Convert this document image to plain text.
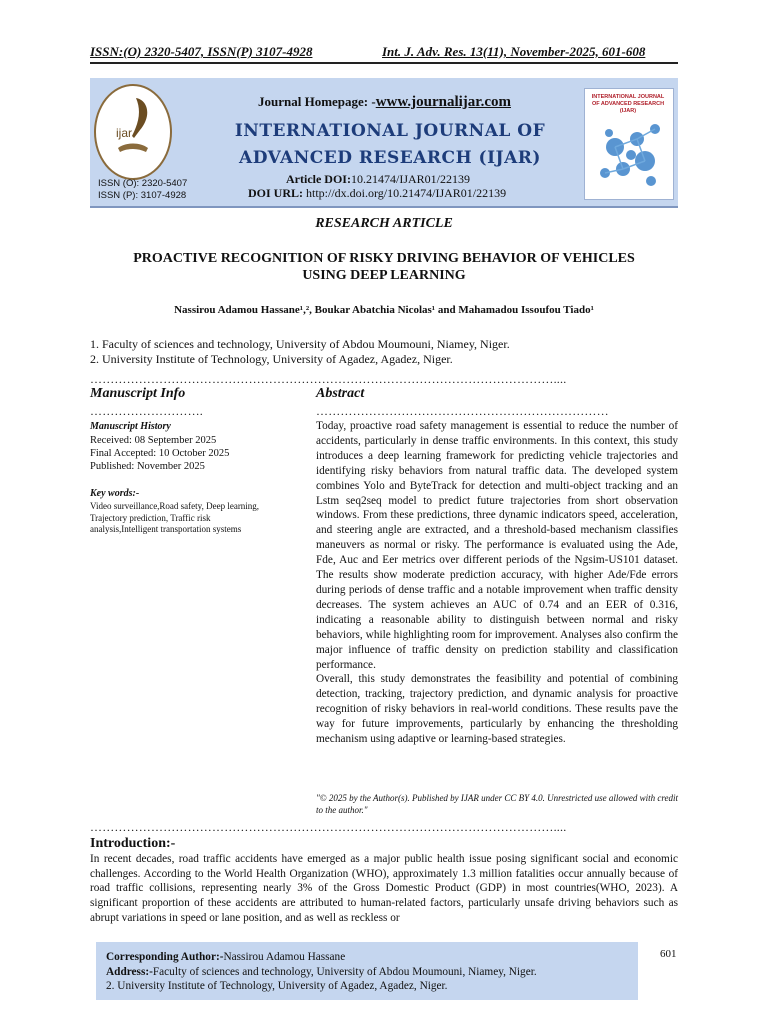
ISSN:(O) 2320-5407, ISSN(P) 3107-4928	Int. J. Adv. Res. 13(11), November-2025, 601-608
ijar
ISSN (O): 2320-5407
ISSN (P): 3107-4928
Journal Homepage: -www.journalijar.com
INTERNATIONAL JOURNAL OF
ADVANCED RESEARCH (IJAR)
Article DOI:10.21474/IJAR01/22139
DOI URL: http://dx.doi.org/10.21474/IJAR01/22139
INTERNATIONAL JOURNAL OF ADVANCED RESEARCH (IJAR)
RESEARCH ARTICLE
PROACTIVE RECOGNITION OF RISKY DRIVING BEHAVIOR OF VEHICLES
USING DEEP LEARNING
Nassirou Adamou Hassane¹,², Boukar Abatchia Nicolas¹ and Mahamadou Issoufou Tiado¹
1. Faculty of sciences and technology, University of Abdou Moumouni, Niamey, Niger.
2. University Institute of Technology, University of Agadez, Agadez, Niger.
……………………………………………………………………………………………………....
Manuscript Info
……………………….
Manuscript History
Received: 08 September 2025
Final Accepted: 10 October 2025
Published: November 2025
Key words:-
Video surveillance,Road safety, Deep learning, Trajectory prediction, Traffic risk analysis,Intelligent transportation systems
Abstract
………………………………………………………………

Today, proactive road safety management is essential to reduce the number of accidents, particularly in dense traffic environments. In this context, this study introduces a deep learning framework for predicting vehicle trajectories and identifying risky behaviors from natural traffic data. The developed system combines Yolo and ByteTrack for detection and multi-object tracking and an Lstm seq2seq model to predict future trajectories from short observation windows. From these predictions, three dynamic indicators speed, acceleration, and steering angle are extracted, and a threshold-based mechanism classifies maneuvers as normal or risky. The performance is evaluated using the Ade, Fde, Auc and Eer metrics over different periods of the Ngsim-US101 dataset. The results show moderate prediction accuracy, with higher Ade/Fde errors during periods of dense traffic and a notable improvement when traffic density decreases. The system achieves an AUC of 0.74 and an EER of 0.316, indicating a reasonable ability to distinguish between normal and risky behaviors, while highlighting room for improvement. Analyses also confirm the major influence of traffic density on prediction stability and classification performance.

Overall, this study demonstrates the feasibility and potential of combining detection, tracking, trajectory prediction, and dynamic analysis for proactive recognition of risky behaviors in real-world conditions. These results pave the way for future improvements, particularly by enhancing the thresholding mechanism using adaptive or learning-based strategies.

"© 2025 by the Author(s). Published by IJAR under CC BY 4.0. Unrestricted use allowed with credit to the author."
……………………………………………………………………………………………………....
Introduction:-
In recent decades, road traffic accidents have emerged as a major public health issue posing significant social and economic challenges. According to the World Health Organization (WHO), approximately 1.3 million fatalities occur annually because of road traffic collisions, representing nearly 3% of the Gross Domestic Product (GDP) in most countries(WHO, 2023). A significant proportion of these accidents are attributed to human-related factors, particularly unsafe driving behaviors such as abrupt variations in speed or lane position, and as well as reckless or
Corresponding Author:-Nassirou Adamou Hassane
Address:-Faculty of sciences and technology, University of Abdou Moumouni, Niamey, Niger.
2. University Institute of Technology, University of Agadez, Agadez, Niger.
601
